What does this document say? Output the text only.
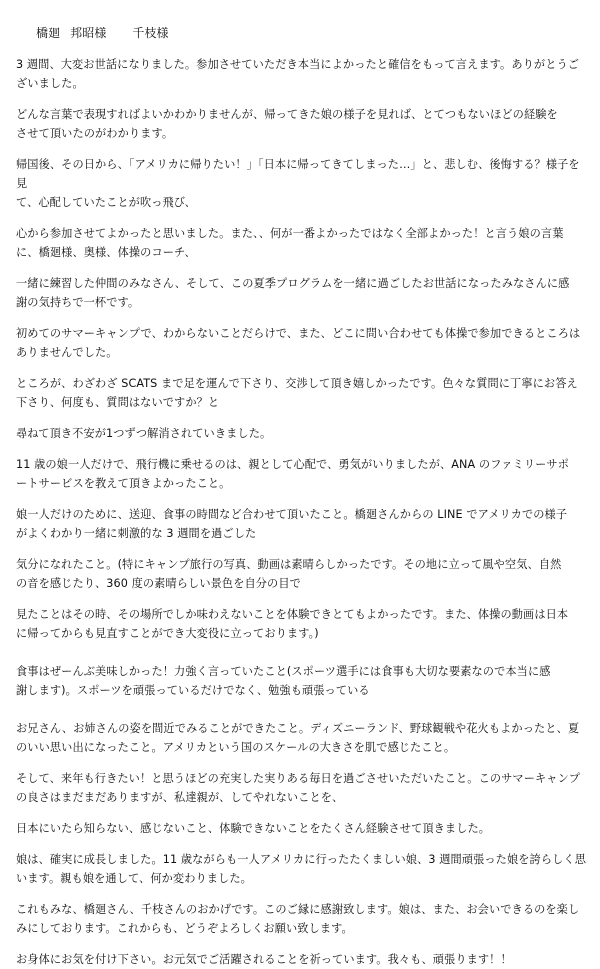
橋廻 邦昭様 千枝様

3 週間、大変お世話になりました。参加させていただき本当によかったと確信をもって言えます。ありがとうご

ざいました。

どんな言葉で表現すればよいかわかりませんが、帰ってきた娘の様子を見れば、とてつもないほどの経験を

させて頂いたのがわかります。

帰国後、その日から、「アメリカに帰りたい！」「日本に帰ってきてしまった…」と、悲しむ、後悔する？様子を見

て、心配していたことが吹っ飛び、

心から参加させてよかったと思いました。また、、何が一番よかったではなく全部よかった！と言う娘の言葉

に、橋廻様、奥様、体操のコーチ、

一緒に練習した仲間のみなさん、そして、この夏季プログラムを一緒に過ごしたお世話になったみなさんに感

謝の気持ちで一杯です。

初めてのサマーキャンプで、わからないことだらけで、また、どこに問い合わせても体操で参加できるところは

ありませんでした。

ところが、わざわざ SCATS まで足を運んで下さり、交渉して頂き嬉しかったです。色々な質問に丁寧にお答え

下さり、何度も、質問はないですか？と

尋ねて頂き不安が1つずつ解消されていきました。

11 歳の娘一人だけで、飛行機に乗せるのは、親として心配で、勇気がいりましたが、ANA のファミリーサポ

ートサービスを教えて頂きよかったこと。

娘一人だけのために、送迎、食事の時間など合わせて頂いたこと。橋廻さんからの LINE でアメリカでの様子

がよくわかり一緒に刺激的な 3 週間を過ごした

気分になれたこと。(特にキャンプ旅行の写真、動画は素晴らしかったです。その地に立って風や空気、自然

の音を感じたり、360 度の素晴らしい景色を自分の目で

見たことはその時、その場所でしか味わえないことを体験できとてもよかったです。また、体操の動画は日本

に帰ってからも見直すことができ大変役に立っております。)

食事はぜーんぶ美味しかった！力強く言っていたこと(スポーツ選手には食事も大切な要素なので本当に感

謝します)。スポーツを頑張っているだけでなく、勉強も頑張っている

お兄さん、お姉さんの姿を間近でみることができたこと。ディズニーランド、野球観戦や花火もよかったと、夏

のいい思い出になったこと。アメリカという国のスケールの大きさを肌で感じたこと。

そして、来年も行きたい！と思うほどの充実した実りある毎日を過ごさせいただいたこと。このサマーキャンプ

の良さはまだまだありますが、私達親が、してやれないことを、

日本にいたら知らない、感じないこと、体験できないことをたくさん経験させて頂きました。

娘は、確実に成長しました。11 歳ながらも一人アメリカに行ったたくましい娘、3 週間頑張った娘を誇らしく思

います。親も娘を通して、何か変わりました。

これもみな、橋廻さん、千枝さんのおかげです。このご縁に感謝致します。娘は、また、お会いできるのを楽し

みにしております。これからも、どうぞよろしくお願い致します。

お身体にお気を付け下さい。お元気でご活躍されることを祈っています。我々も、頑張ります！！
